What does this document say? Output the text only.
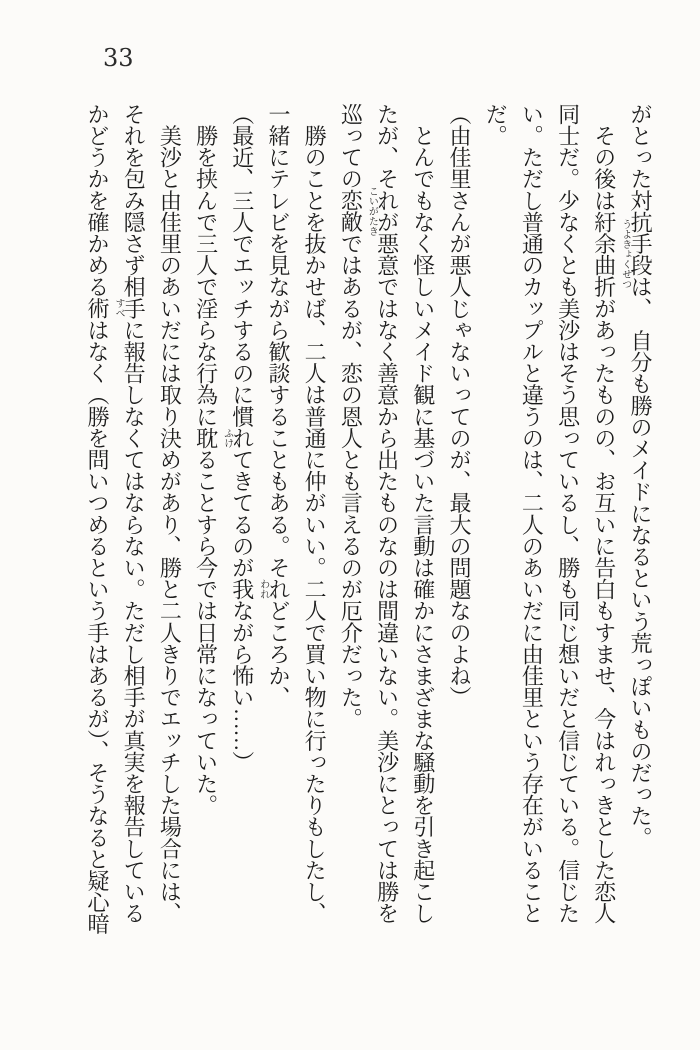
33
がとった対抗手段は、　自分も勝のメイドになるという荒っぽいものだった。
　その後は紆余曲折 うよきょくせつ
があったものの、お互いに告白もすませ、今はれっきとした恋人
同士だ。少なくとも美沙はそう思っているし、勝も同じ想いだと信じている。信じた
い。ただし普通のカップルと違うのは、二人のあいだに由佳里という存在がいること
だ。
（由佳里さんが悪人じゃないってのが、最大の問題なのよね）
　とんでもなく怪しいメイド観に基づいた言動は確かにさまざまな騒動を引き起こし
たが、それが悪意ではなく善意から出たものなのは間違いない。美沙にとっては勝を
巡っての恋敵 こいがたき
ではあるが、恋の恩人とも言えるのが厄介だった。
　勝のことを抜かせば、二人は普通に仲がいい。二人で買い物に行ったりもしたし、
一緒にテレビを見ながら歓談することもある。それどころか、
（最近、三人でエッチするのに慣れてきてるのが我 われ
ながら怖い……）
　勝を挟んで三人で淫らな行為に耽 ふけ
ることすら今では日常になっていた。
　美沙と由佳里のあいだには取り決めがあり、勝と二人きりでエッチした場合には、
それを包み隠さず相手に報告しなくてはならない。ただし相手が真実を報告している
かどうかを確かめる術 すべ
はなく（勝を問いつめるという手はあるが）、そうなると疑心暗
